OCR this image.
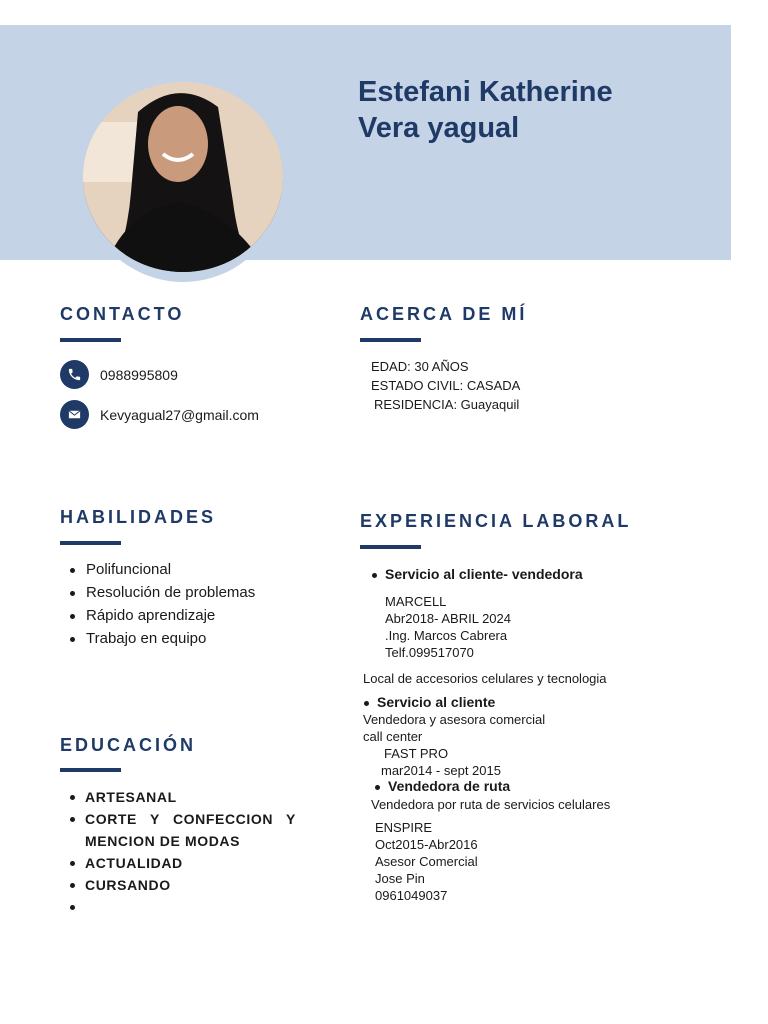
Estefani Katherine
Vera yagual
CONTACTO
0988995809
Kevyagual27@gmail.com
ACERCA DE MÍ
EDAD: 30 AÑOS
ESTADO CIVIL: CASADA
RESIDENCIA: Guayaquil
HABILIDADES
Polifuncional
Resolución de problemas
Rápido aprendizaje
Trabajo en equipo
EDUCACIÓN
ARTESANAL
CORTE Y CONFECCION Y MENCION DE MODAS
ACTUALIDAD
CURSANDO
EXPERIENCIA LABORAL
Servicio al cliente- vendedora
MARCELL
Abr2018- ABRIL 2024
.Ing. Marcos Cabrera
Telf.099517070
Local de accesorios celulares y tecnologia
Servicio al cliente
Vendedora y asesora comercial
call center
FAST PRO
mar2014 - sept 2015
Vendedora de ruta
Vendedora por ruta de servicios celulares
ENSPIRE
Oct2015-Abr2016
Asesor Comercial
Jose Pin
0961049037
